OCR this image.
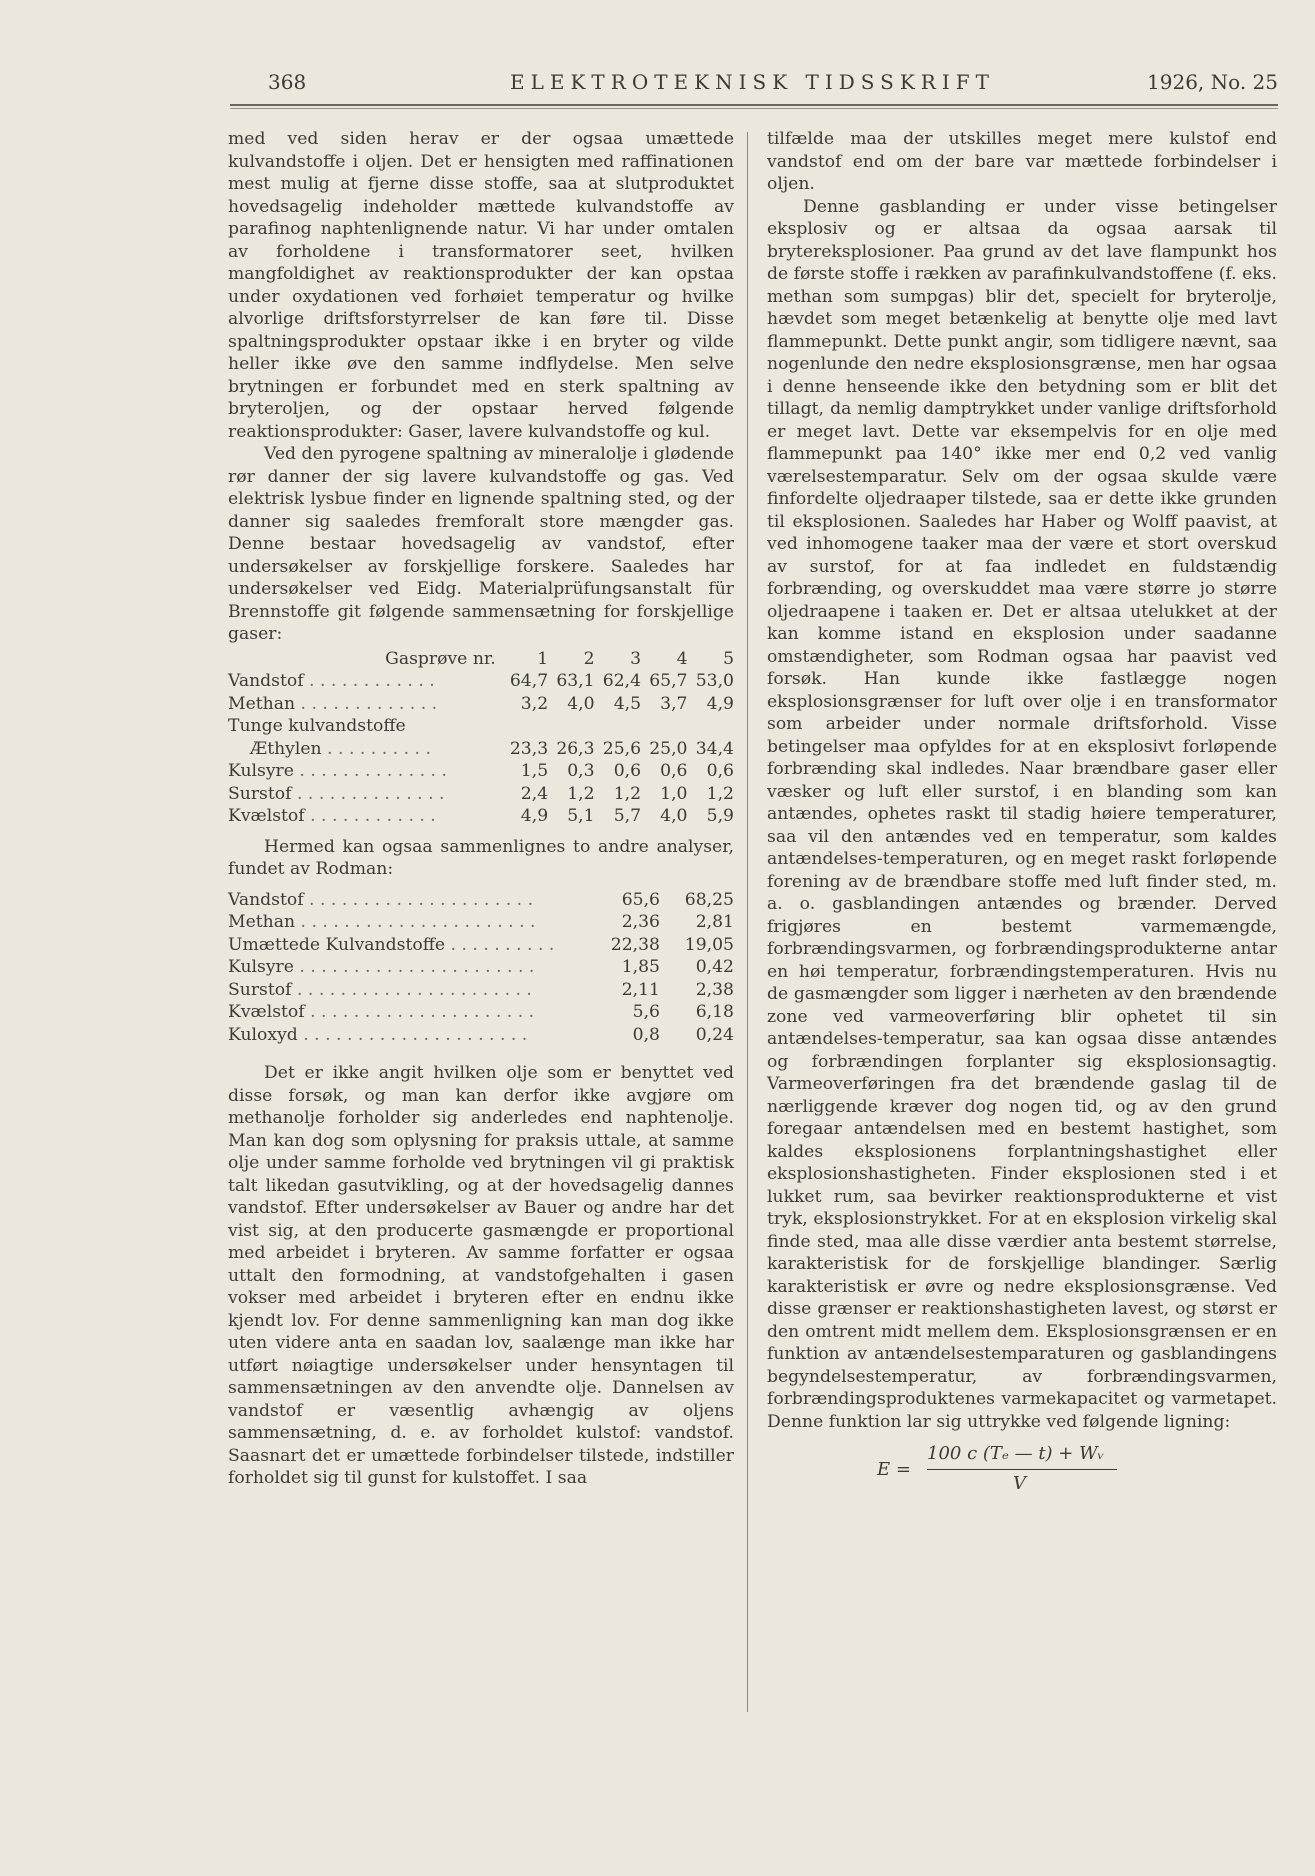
368	ELEKTROTEKNISK TIDSSKRIFT	1926, No. 25

med ved siden herav er der ogsaa umættede kulvandstoffe i oljen. Det er hensigten med raffinationen mest mulig at fjerne disse stoffe, saa at slutproduktet hovedsagelig indeholder mættede kulvandstoffe av parafinog naphtenlignende natur. Vi har under omtalen av forholdene i transformatorer seet, hvilken mangfoldighet av reaktionsprodukter der kan opstaa under oxydationen ved forhøiet temperatur og hvilke alvorlige driftsforstyrrelser de kan føre til. Disse spaltningsprodukter opstaar ikke i en bryter og vilde heller ikke øve den samme indflydelse. Men selve brytningen er forbundet med en sterk spaltning av bryteroljen, og der opstaar herved følgende reaktionsprodukter: Gaser, lavere kulvandstoffe og kul.

Ved den pyrogene spaltning av mineralolje i glødende rør danner der sig lavere kulvandstoffe og gas. Ved elektrisk lysbue finder en lignende spaltning sted, og der danner sig saaledes fremforalt store mængder gas. Denne bestaar hovedsagelig av vandstof, efter undersøkelser av forskjellige forskere. Saaledes har undersøkelser ved Eidg. Materialprüfungsanstalt für Brennstoffe git følgende sammensætning for forskjellige gaser:

Gasprøve nr.	1	2	3	4	5
Vandstof . . . . . . . . . . . .	64,7	63,1	62,4	65,7	53,0
Methan . . . . . . . . . . . . .	3,2	4,0	4,5	3,7	4,9
Tunge kulvandstoffe					
Æthylen . . . . . . . . . .	23,3	26,3	25,6	25,0	34,4
Kulsyre . . . . . . . . . . . . . .	1,5	0,3	0,6	0,6	0,6
Surstof . . . . . . . . . . . . . .	2,4	1,2	1,2	1,0	1,2
Kvælstof . . . . . . . . . . . .	4,9	5,1	5,7	4,0	5,9

Hermed kan ogsaa sammenlignes to andre analyser, fundet av Rodman:

Vandstof . . . . . . . . . . . . . . . . . . . . .	65,6	68,25
Methan . . . . . . . . . . . . . . . . . . . . . .	2,36	2,81
Umættede Kulvandstoffe . . . . . . . . . .	22,38	19,05
Kulsyre . . . . . . . . . . . . . . . . . . . . . .	1,85	0,42
Surstof . . . . . . . . . . . . . . . . . . . . . .	2,11	2,38
Kvælstof . . . . . . . . . . . . . . . . . . . . .	5,6	6,18
Kuloxyd . . . . . . . . . . . . . . . . . . . . .	0,8	0,24

Det er ikke angit hvilken olje som er benyttet ved disse forsøk, og man kan derfor ikke avgjøre om methanolje forholder sig anderledes end naphtenolje. Man kan dog som oplysning for praksis uttale, at samme olje under samme forholde ved brytningen vil gi praktisk talt likedan gasutvikling, og at der hovedsagelig dannes vandstof. Efter undersøkelser av Bauer og andre har det vist sig, at den producerte gasmængde er proportional med arbeidet i bryteren. Av samme forfatter er ogsaa uttalt den formodning, at vandstofgehalten i gasen vokser med arbeidet i bryteren efter en endnu ikke kjendt lov. For denne sammenligning kan man dog ikke uten videre anta en saadan lov, saalænge man ikke har utført nøiagtige undersøkelser under hensyntagen til sammensætningen av den anvendte olje. Dannelsen av vandstof er væsentlig avhængig av oljens sammensætning, d. e. av forholdet kulstof: vandstof. Saasnart det er umættede forbindelser tilstede, indstiller forholdet sig til gunst for kulstoffet. I saa

tilfælde maa der utskilles meget mere kulstof end vandstof end om der bare var mættede forbindelser i oljen.

Denne gasblanding er under visse betingelser eksplosiv og er altsaa da ogsaa aarsak til brytereksplosioner. Paa grund av det lave flampunkt hos de første stoffe i rækken av parafinkulvandstoffene (f. eks. methan som sumpgas) blir det, specielt for bryterolje, hævdet som meget betænkelig at benytte olje med lavt flammepunkt. Dette punkt angir, som tidligere nævnt, saa nogenlunde den nedre eksplosionsgrænse, men har ogsaa i denne henseende ikke den betydning som er blit det tillagt, da nemlig damptrykket under vanlige driftsforhold er meget lavt. Dette var eksempelvis for en olje med flammepunkt paa 140° ikke mer end 0,2 ved vanlig værelsestemparatur. Selv om der ogsaa skulde være finfordelte oljedraaper tilstede, saa er dette ikke grunden til eksplosionen. Saaledes har Haber og Wolff paavist, at ved inhomogene taaker maa der være et stort overskud av surstof, for at faa indledet en fuldstændig forbrænding, og overskuddet maa være større jo større oljedraapene i taaken er. Det er altsaa utelukket at der kan komme istand en eksplosion under saadanne omstændigheter, som Rodman ogsaa har paavist ved forsøk. Han kunde ikke fastlægge nogen eksplosionsgrænser for luft over olje i en transformator som arbeider under normale driftsforhold. Visse betingelser maa opfyldes for at en eksplosivt forløpende forbrænding skal indledes. Naar brændbare gaser eller væsker og luft eller surstof, i en blanding som kan antændes, ophetes raskt til stadig høiere temperaturer, saa vil den antændes ved en temperatur, som kaldes antændelses-temperaturen, og en meget raskt forløpende forening av de brændbare stoffe med luft finder sted, m. a. o. gasblandingen antændes og brænder. Derved frigjøres en bestemt varmemængde, forbrændingsvarmen, og forbrændingsprodukterne antar en høi temperatur, forbrændingstemperaturen. Hvis nu de gasmængder som ligger i nærheten av den brændende zone ved varmeoverføring blir ophetet til sin antændelses-temperatur, saa kan ogsaa disse antændes og forbrændingen forplanter sig eksplosionsagtig. Varmeoverføringen fra det brændende gaslag til de nærliggende kræver dog nogen tid, og av den grund foregaar antændelsen med en bestemt hastighet, som kaldes eksplosionens forplantningshastighet eller eksplosionshastigheten. Finder eksplosionen sted i et lukket rum, saa bevirker reaktionsprodukterne et vist tryk, eksplosionstrykket. For at en eksplosion virkelig skal finde sted, maa alle disse værdier anta bestemt størrelse, karakteristisk for de forskjellige blandinger. Særlig karakteristisk er øvre og nedre eksplosionsgrænse. Ved disse grænser er reaktionshastigheten lavest, og størst er den omtrent midt mellem dem. Eksplosionsgrænsen er en funktion av antændelsestemparaturen og gasblandingens begyndelsestemperatur, av forbrændingsvarmen, forbrændingsproduktenes varmekapacitet og varmetapet. Denne funktion lar sig uttrykke ved følgende ligning:

E =
100 c (Tₑ — t) + Wᵥ
V
